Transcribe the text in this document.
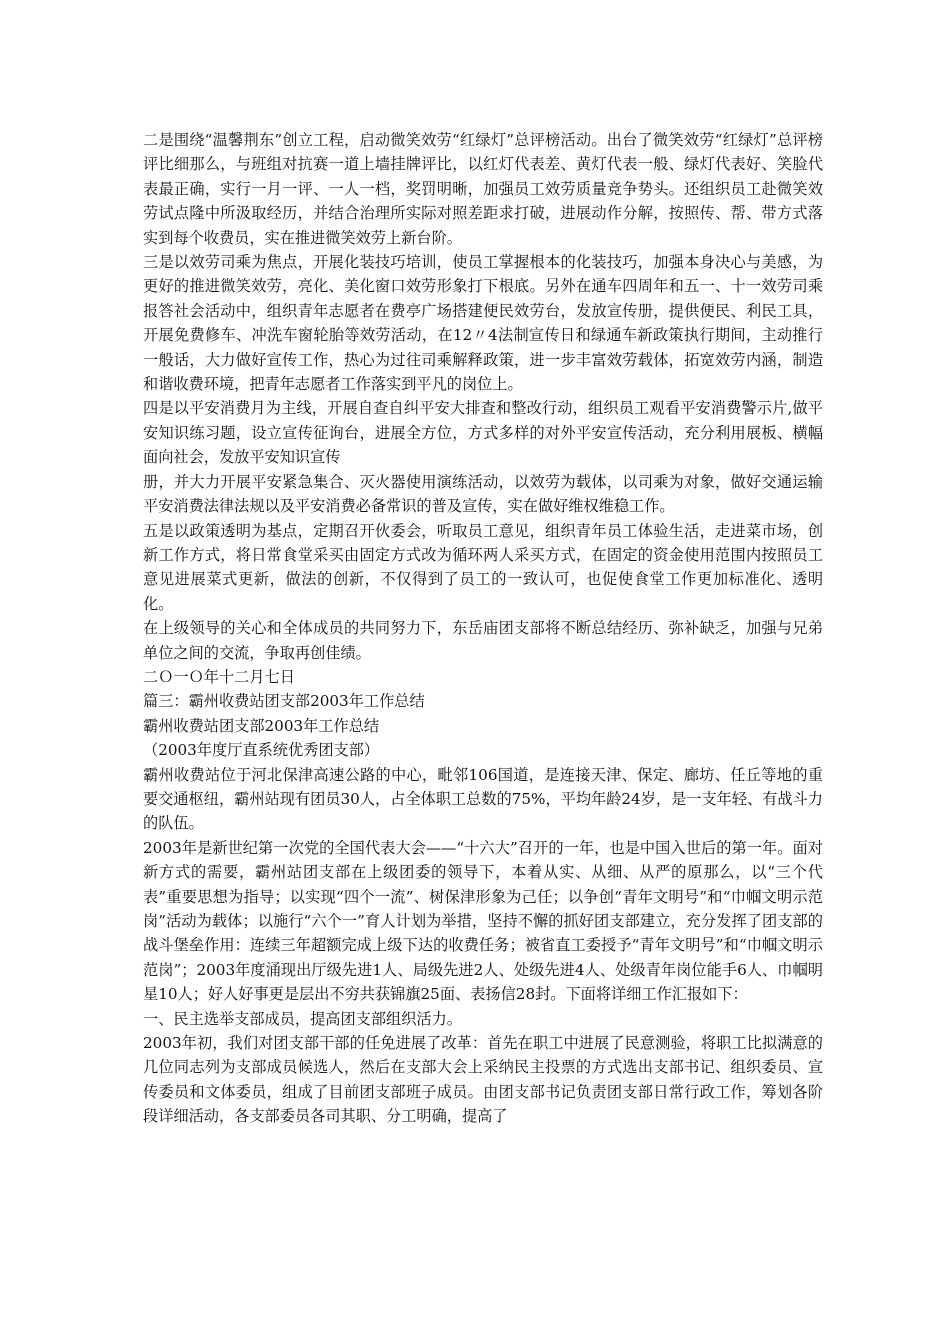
二是围绕“温馨荆东”创立工程，启动微笑效劳“红绿灯”总评榜活动。出台了微笑效劳“红绿灯”总评榜评比细那么，与班组对抗赛一道上墙挂牌评比，以红灯代表差、黄灯代表一般、绿灯代表好、笑脸代表最正确，实行一月一评、一人一档，奖罚明晰，加强员工效劳质量竞争势头。还组织员工赴微笑效劳试点隆中所汲取经历，并结合治理所实际对照差距求打破，进展动作分解，按照传、帮、带方式落实到每个收费员，实在推进微笑效劳上新台阶。

三是以效劳司乘为焦点，开展化装技巧培训，使员工掌握根本的化装技巧，加强本身决心与美感，为更好的推进微笑效劳，亮化、美化窗口效劳形象打下根底。另外在通车四周年和五一、十一效劳司乘报答社会活动中，组织青年志愿者在费亭广场搭建便民效劳台，发放宣传册，提供便民、利民工具，开展免费修车、冲洗车窗轮胎等效劳活动，在12〃4法制宣传日和绿通车新政策执行期间，主动推行一般话，大力做好宣传工作，热心为过往司乘解释政策，进一步丰富效劳载体，拓宽效劳内涵，制造和谐收费环境，把青年志愿者工作落实到平凡的岗位上。

四是以平安消费月为主线，开展自查自纠平安大排查和整改行动，组织员工观看平安消费警示片,做平安知识练习题，设立宣传征询台，进展全方位，方式多样的对外平安宣传活动，充分利用展板、横幅面向社会，发放平安知识宣传

册，并大力开展平安紧急集合、灭火器使用演练活动，以效劳为载体，以司乘为对象，做好交通运输平安消费法律法规以及平安消费必备常识的普及宣传，实在做好维权维稳工作。

五是以政策透明为基点，定期召开伙委会，听取员工意见，组织青年员工体验生活，走进菜市场，创新工作方式，将日常食堂采买由固定方式改为循环两人采买方式，在固定的资金使用范围内按照员工意见进展菜式更新，做法的创新，不仅得到了员工的一致认可，也促使食堂工作更加标准化、透明化。

在上级领导的关心和全体成员的共同努力下，东岳庙团支部将不断总结经历、弥补缺乏，加强与兄弟单位之间的交流，争取再创佳绩。

二Ｏ一Ｏ年十二月七日

篇三：霸州收费站团支部2003年工作总结

霸州收费站团支部2003年工作总结

（2003年度厅直系统优秀团支部）

霸州收费站位于河北保津高速公路的中心，毗邻106国道，是连接天津、保定、廊坊、任丘等地的重要交通枢纽，霸州站现有团员30人，占全体职工总数的75%，平均年龄24岁，是一支年轻、有战斗力的队伍。

2003年是新世纪第一次党的全国代表大会——“十六大”召开的一年，也是中国入世后的第一年。面对新方式的需要，霸州站团支部在上级团委的领导下，本着从实、从细、从严的原那么，以“三个代表”重要思想为指导；以实现“四个一流”、树保津形象为己任；以争创“青年文明号”和“巾帼文明示范岗”活动为载体；以施行“六个一”育人计划为举措，坚持不懈的抓好团支部建立，充分发挥了团支部的战斗堡垒作用：连续三年超额完成上级下达的收费任务；被省直工委授予“青年文明号”和“巾帼文明示范岗”；2003年度涌现出厅级先进1人、局级先进2人、处级先进4人、处级青年岗位能手6人、巾帼明星10人；好人好事更是层出不穷共获锦旗25面、表扬信28封。下面将详细工作汇报如下：

一、民主选举支部成员，提高团支部组织活力。

2003年初，我们对团支部干部的任免进展了改革：首先在职工中进展了民意测验，将职工比拟满意的几位同志列为支部成员候选人，然后在支部大会上采纳民主投票的方式选出支部书记、组织委员、宣传委员和文体委员，组成了目前团支部班子成员。由团支部书记负责团支部日常行政工作，筹划各阶段详细活动，各支部委员各司其职、分工明确，提高了
